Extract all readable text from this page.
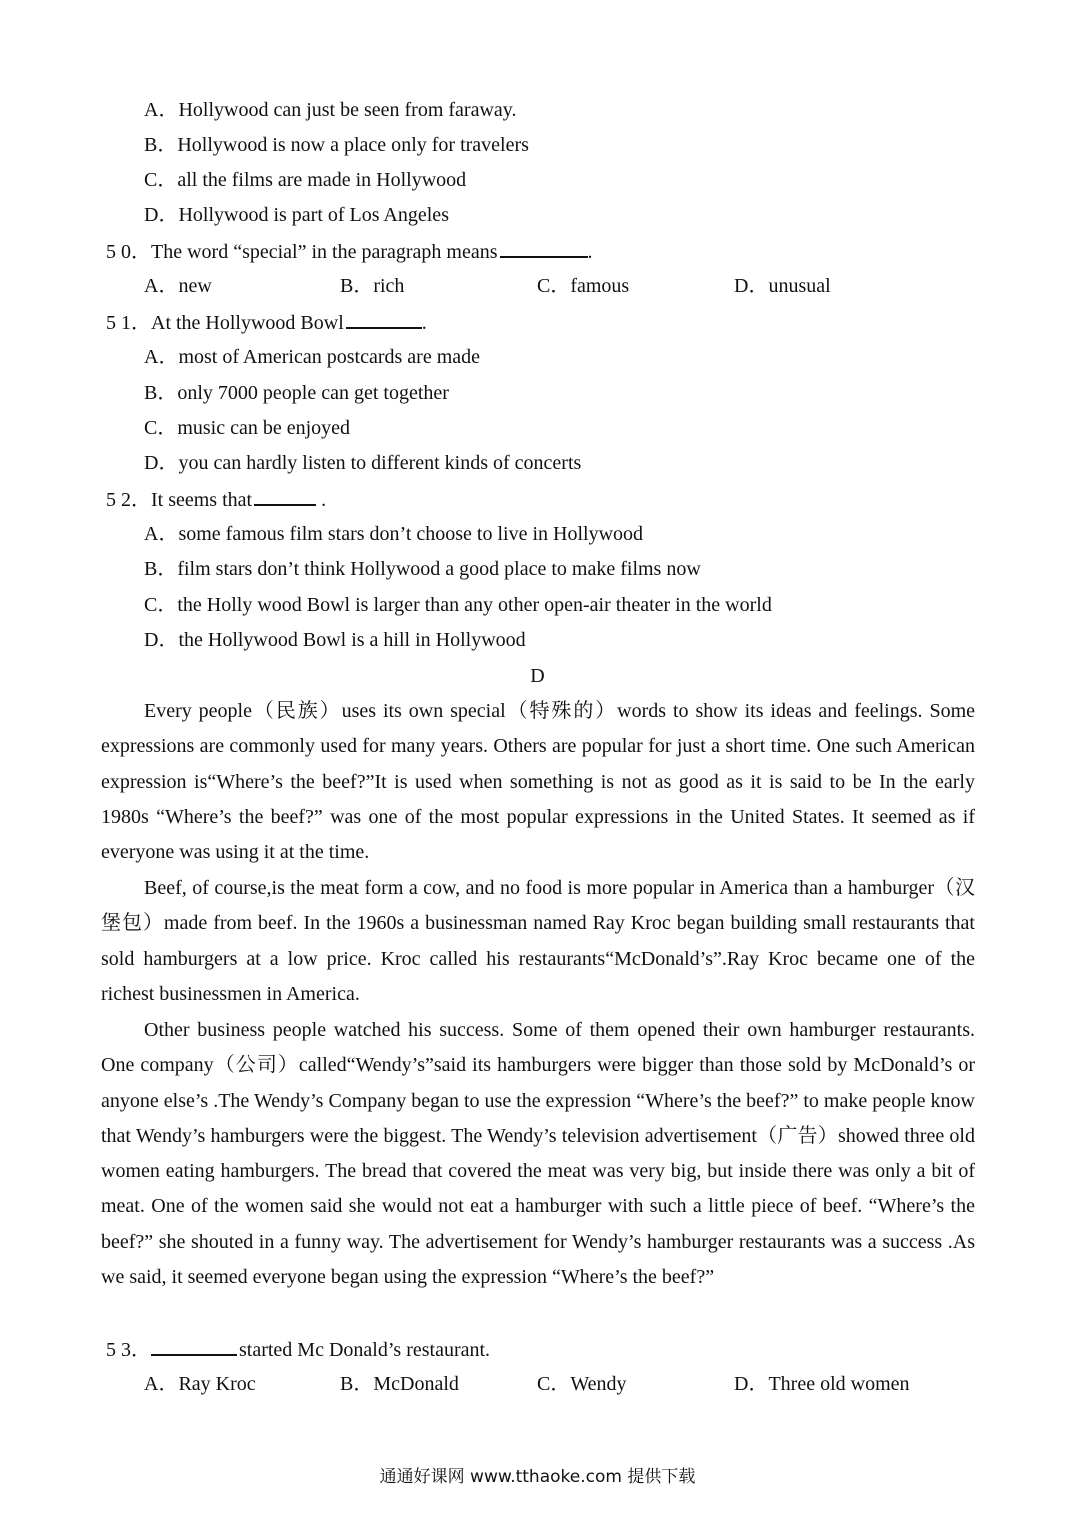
A．Hollywood can just be seen from faraway.
B．Hollywood is now a place only for travelers
C．all the films are made in Hollywood
D．Hollywood is part of Los Angeles
5 0．The word “special” in the paragraph means	.
A．new	B．rich	C．famous	D．unusual
5 1．At the Hollywood Bowl	.
A．most of American postcards are made
B．only 7000 people can get together
C．music can be enjoyed
D．you can hardly listen to different kinds of concerts
5 2．It seems that	.
A．some famous film stars don’t choose to live in Hollywood
B．film stars don’t think Hollywood a good place to make films now
C．the Holly wood Bowl is larger than any other open-air theater in the world
D．the Hollywood Bowl is a hill in Hollywood
D
Every people（民族）uses its own special（特殊的）words to show its ideas and feelings. Some expressions are commonly used for many years. Others are popular for just a short time. One such American expression is“Where’s the beef?”It is used when something is not as good as it is said to be In the early 1980s “Where’s the beef?” was one of the most popular expressions in the United States. It seemed as if everyone was using it at the time.
Beef, of course,is the meat form a cow, and no food is more popular in America than a hamburger（汉堡包）made from beef. In the 1960s a businessman named Ray Kroc began building small restaurants that sold hamburgers at a low price. Kroc called his restaurants“McDonald’s”.Ray Kroc became one of the richest businessmen in America.
Other business people watched his success. Some of them opened their own hamburger restaurants. One company（公司）called“Wendy’s”said its hamburgers were bigger than those sold by McDonald’s or anyone else’s .The Wendy’s Company began to use the expression “Where’s the beef?” to make people know that Wendy’s hamburgers were the biggest. The Wendy’s television advertisement（广告）showed three old women eating hamburgers. The bread that covered the meat was very big, but inside there was only a bit of meat. One of the women said she would not eat a hamburger with such a little piece of beef. “Where’s the beef?” she shouted in a funny way. The advertisement for Wendy’s hamburger restaurants was a success .As we said, it seemed everyone began using the expression “Where’s the beef?”
5 3．	started Mc Donald’s restaurant.
A．Ray Kroc	B．McDonald	C．Wendy	D．Three old women
通通好课网 www.tthaoke.com 提供下载
